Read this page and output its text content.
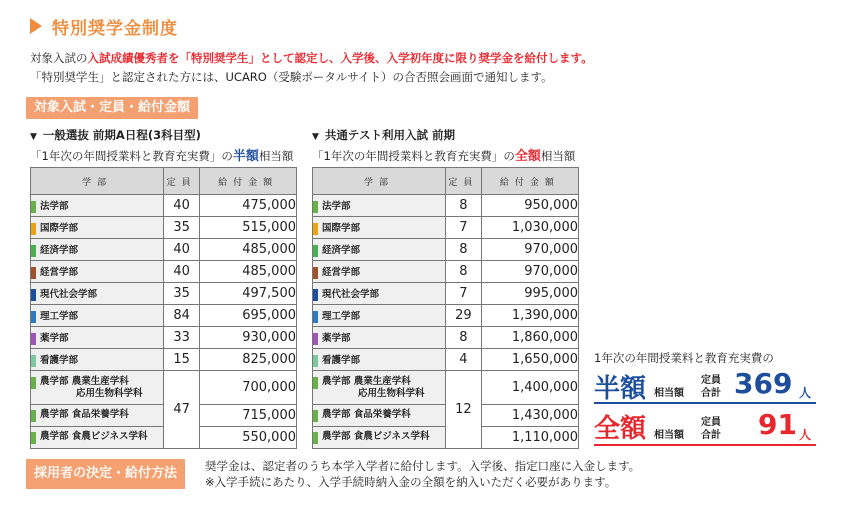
特別奨学金制度
対象入試の入試成績優秀者を「特別奨学生」として認定し、入学後、入学初年度に限り奨学金を給付します。
「特別奨学生」と認定された方には、UCARO（受験ポータルサイト）の合否照会画面で通知します。
対象入試・定員・給付金額
▼ 一般選抜 前期A日程(3科目型)
「1年次の年間授業料と教育充実費」の半額相当額
▼ 共通テスト利用入試 前期
「1年次の年間授業料と教育充実費」の全額相当額
学部	定員	給付金額
法学部	40	475,000
国際学部	35	515,000
経済学部	40	485,000
経営学部	40	485,000
現代社会学部	35	497,500
理工学部	84	695,000
薬学部	33	930,000
看護学部	15	825,000

農学部 農業生産学科
応用生物科学科	47	700,000

農学部 食品栄養学科		715,000

農学部 食農ビジネス学科		550,000
学部	定員	給付金額
法学部	8	950,000
国際学部	7	1,030,000
経済学部	8	970,000
経営学部	8	970,000
現代社会学部	7	995,000
理工学部	29	1,390,000
薬学部	8	1,860,000
看護学部	4	1,650,000

農学部 農業生産学科
応用生物科学科	12	1,400,000

農学部 食品栄養学科		1,430,000

農学部 食農ビジネス学科		1,110,000
1年次の年間授業料と教育充実費の
半額 相当額
定員
合計 369 人
全額 相当額
定員
合計 91 人
採用者の決定・給付方法	奨学金は、認定者のうち本学入学者に給付します。入学後、指定口座に入金します。
※入学手続にあたり、入学手続時納入金の全額を納入いただく必要があります。
